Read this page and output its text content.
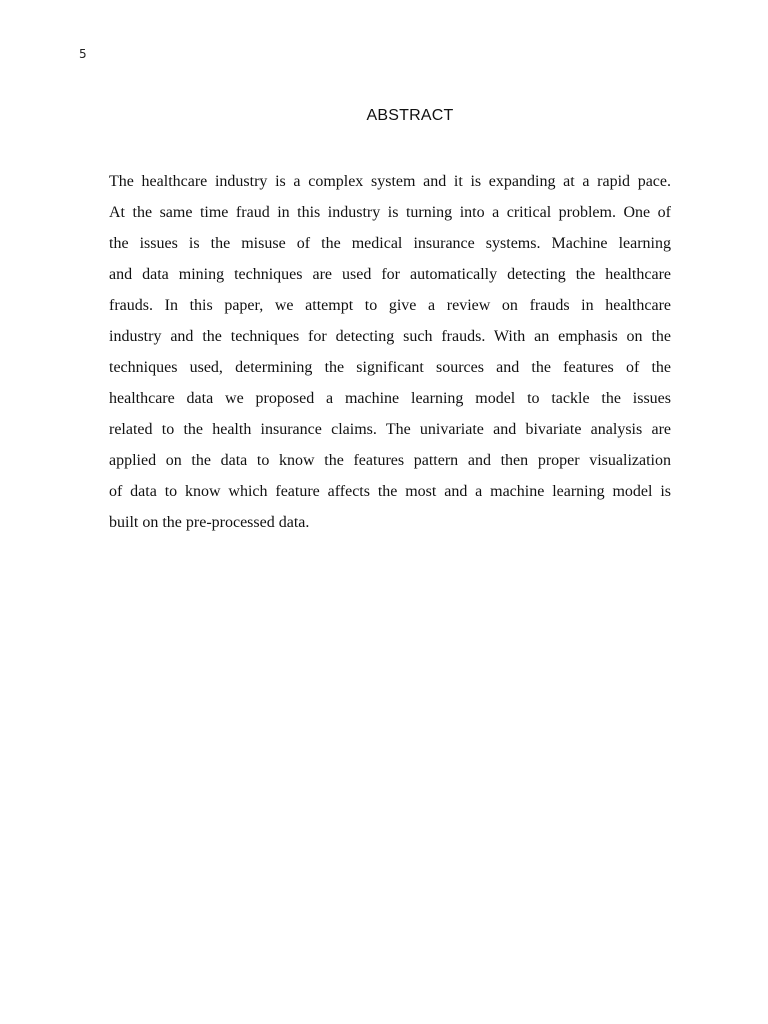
5
ABSTRACT
The healthcare industry is a complex system and it is expanding at a rapid pace.
At the same time fraud in this industry is turning into a critical problem. One of
the issues is the misuse of the medical insurance systems. Machine learning
and data mining techniques are used for automatically detecting the healthcare
frauds. In this paper, we attempt to give a review on frauds in healthcare
industry and the techniques for detecting such frauds. With an emphasis on the
techniques used, determining the significant sources and the features of the
healthcare data we proposed a machine learning model to tackle the issues
related to the health insurance claims. The univariate and bivariate analysis are
applied on the data to know the features pattern and then proper visualization
of data to know which feature affects the most and a machine learning model is
built on the pre-processed data.
